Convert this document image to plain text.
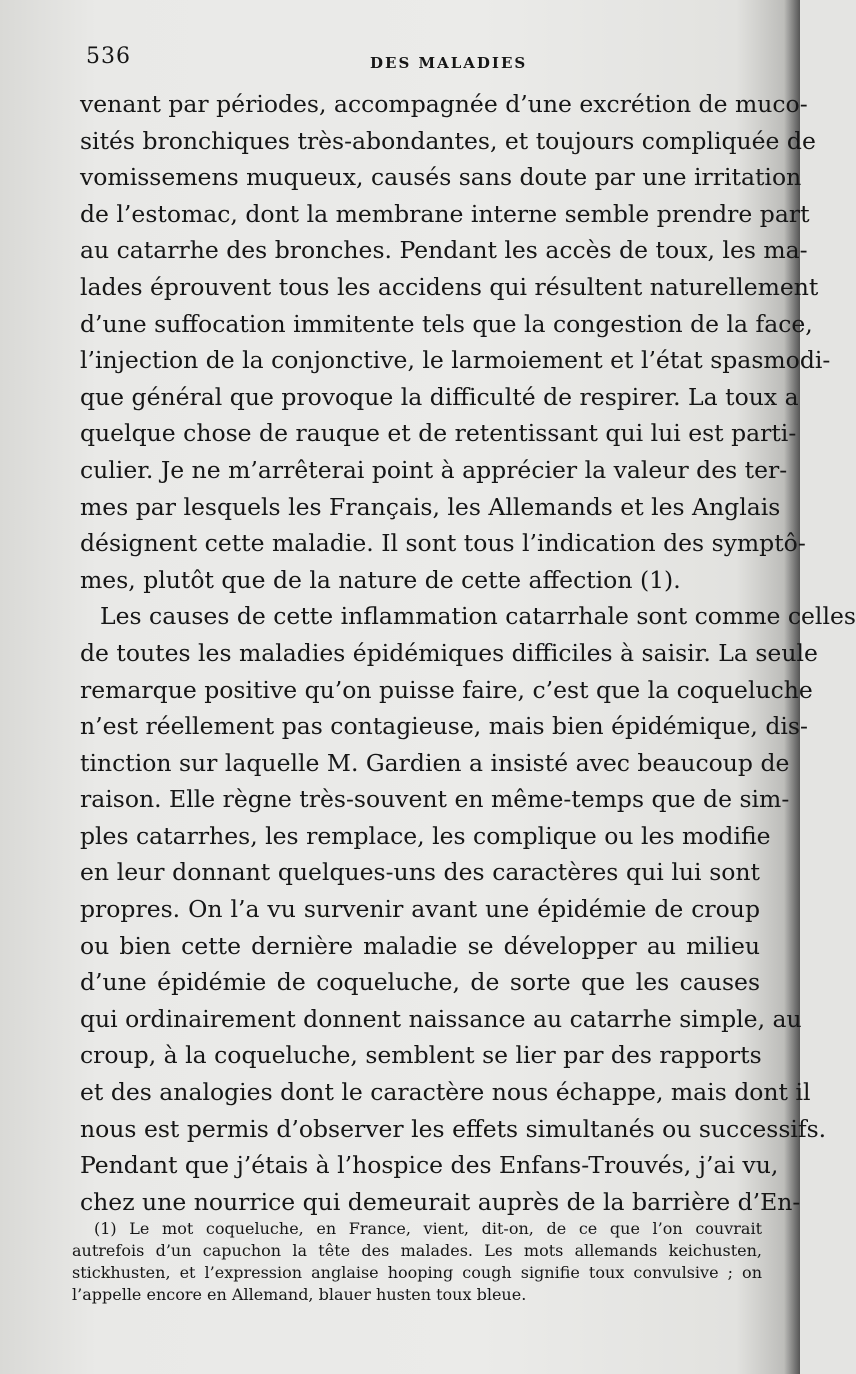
536	DES MALADIES
venant par périodes, accompagnée d’une excrétion de muco-
sités bronchiques très-abondantes, et toujours compliquée de
vomissemens muqueux, causés sans doute par une irritation
de l’estomac, dont la membrane interne semble prendre part
au catarrhe des bronches. Pendant les accès de toux, les ma-
lades éprouvent tous les accidens qui résultent naturellement
d’une suffocation immitente tels que la congestion de la face,
l’injection de la conjonctive, le larmoiement et l’état spasmodi-
que général que provoque la difficulté de respirer. La toux a
quelque chose de rauque et de retentissant qui lui est parti-
culier. Je ne m’arrêterai point à apprécier la valeur des ter-
mes par lesquels les Français, les Allemands et les Anglais
désignent cette maladie. Il sont tous l’indication des symptô-
mes, plutôt que de la nature de cette affection (1).
Les causes de cette inflammation catarrhale sont comme celles
de toutes les maladies épidémiques difficiles à saisir. La seule
remarque positive qu’on puisse faire, c’est que la coqueluche
n’est réellement pas contagieuse, mais bien épidémique, dis-
tinction sur laquelle M. Gardien a insisté avec beaucoup de
raison. Elle règne très-souvent en même-temps que de sim-
ples catarrhes, les remplace, les complique ou les modifie
en leur donnant quelques-uns des caractères qui lui sont
propres. On l’a vu survenir avant une épidémie de croup
ou bien cette dernière maladie se développer au milieu
d’une épidémie de coqueluche, de sorte que les causes
qui ordinairement donnent naissance au catarrhe simple, au
croup, à la coqueluche, semblent se lier par des rapports
et des analogies dont le caractère nous échappe, mais dont il
nous est permis d’observer les effets simultanés ou successifs.
Pendant que j’étais à l’hospice des Enfans-Trouvés, j’ai vu,
chez une nourrice qui demeurait auprès de la barrière d’En-
(1) Le mot coqueluche, en France, vient, dit-on, de ce que l’on couvrait
autrefois d’un capuchon la tête des malades. Les mots allemands keichusten,
stickhusten, et l’expression anglaise hooping cough signifie toux convulsive ; on
l’appelle encore en Allemand, blauer husten toux bleue.
